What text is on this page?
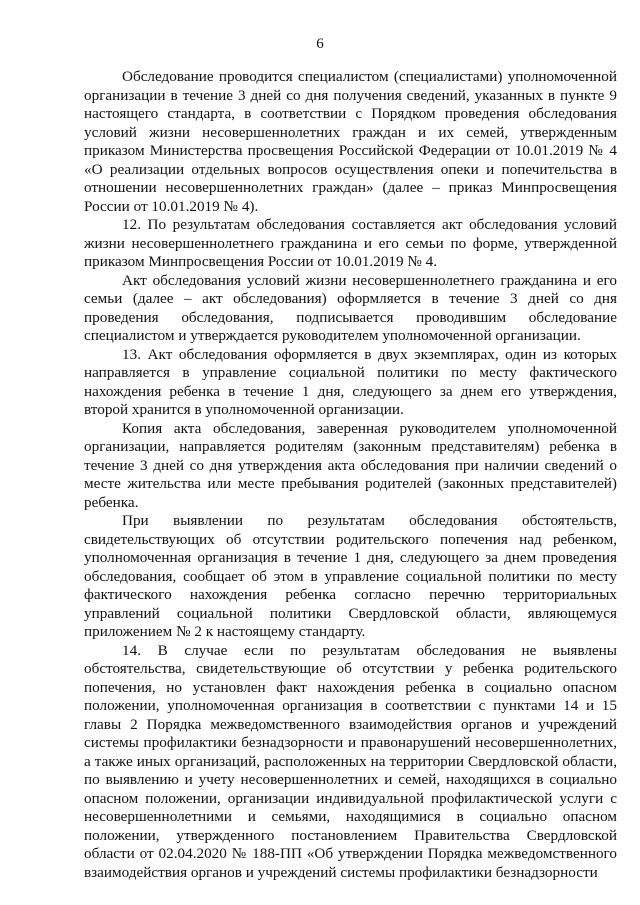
6

Обследование проводится специалистом (специалистами) уполномоченной организации в течение 3 дней со дня получения сведений, указанных в пункте 9 настоящего стандарта, в соответствии с Порядком проведения обследования условий жизни несовершеннолетних граждан и их семей, утвержденным приказом Министерства просвещения Российской Федерации от 10.01.2019 № 4 «О реализации отдельных вопросов осуществления опеки и попечительства в отношении несовершеннолетних граждан» (далее – приказ Минпросвещения России от 10.01.2019 № 4).

12. По результатам обследования составляется акт обследования условий жизни несовершеннолетнего гражданина и его семьи по форме, утвержденной приказом Минпросвещения России от 10.01.2019 № 4.

Акт обследования условий жизни несовершеннолетнего гражданина и его семьи (далее – акт обследования) оформляется в течение 3 дней со дня проведения обследования, подписывается проводившим обследование специалистом и утверждается руководителем уполномоченной организации.

13. Акт обследования оформляется в двух экземплярах, один из которых направляется в управление социальной политики по месту фактического нахождения ребенка в течение 1 дня, следующего за днем его утверждения, второй хранится в уполномоченной организации.

Копия акта обследования, заверенная руководителем уполномоченной организации, направляется родителям (законным представителям) ребенка в течение 3 дней со дня утверждения акта обследования при наличии сведений о месте жительства или месте пребывания родителей (законных представителей) ребенка.

При выявлении по результатам обследования обстоятельств, свидетельствующих об отсутствии родительского попечения над ребенком, уполномоченная организация в течение 1 дня, следующего за днем проведения обследования, сообщает об этом в управление социальной политики по месту фактического нахождения ребенка согласно перечню территориальных управлений социальной политики Свердловской области, являющемуся приложением № 2 к настоящему стандарту.

14. В случае если по результатам обследования не выявлены обстоятельства, свидетельствующие об отсутствии у ребенка родительского попечения, но установлен факт нахождения ребенка в социально опасном положении, уполномоченная организация в соответствии с пунктами 14 и 15 главы 2 Порядка межведомственного взаимодействия органов и учреждений системы профилактики безнадзорности и правонарушений несовершеннолетних, а также иных организаций, расположенных на территории Свердловской области, по выявлению и учету несовершеннолетних и семей, находящихся в социально опасном положении, организации индивидуальной профилактической услуги с несовершеннолетними и семьями, находящимися в социально опасном положении, утвержденного постановлением Правительства Свердловской области от 02.04.2020 № 188-ПП «Об утверждении Порядка межведомственного взаимодействия органов и учреждений системы профилактики безнадзорности
